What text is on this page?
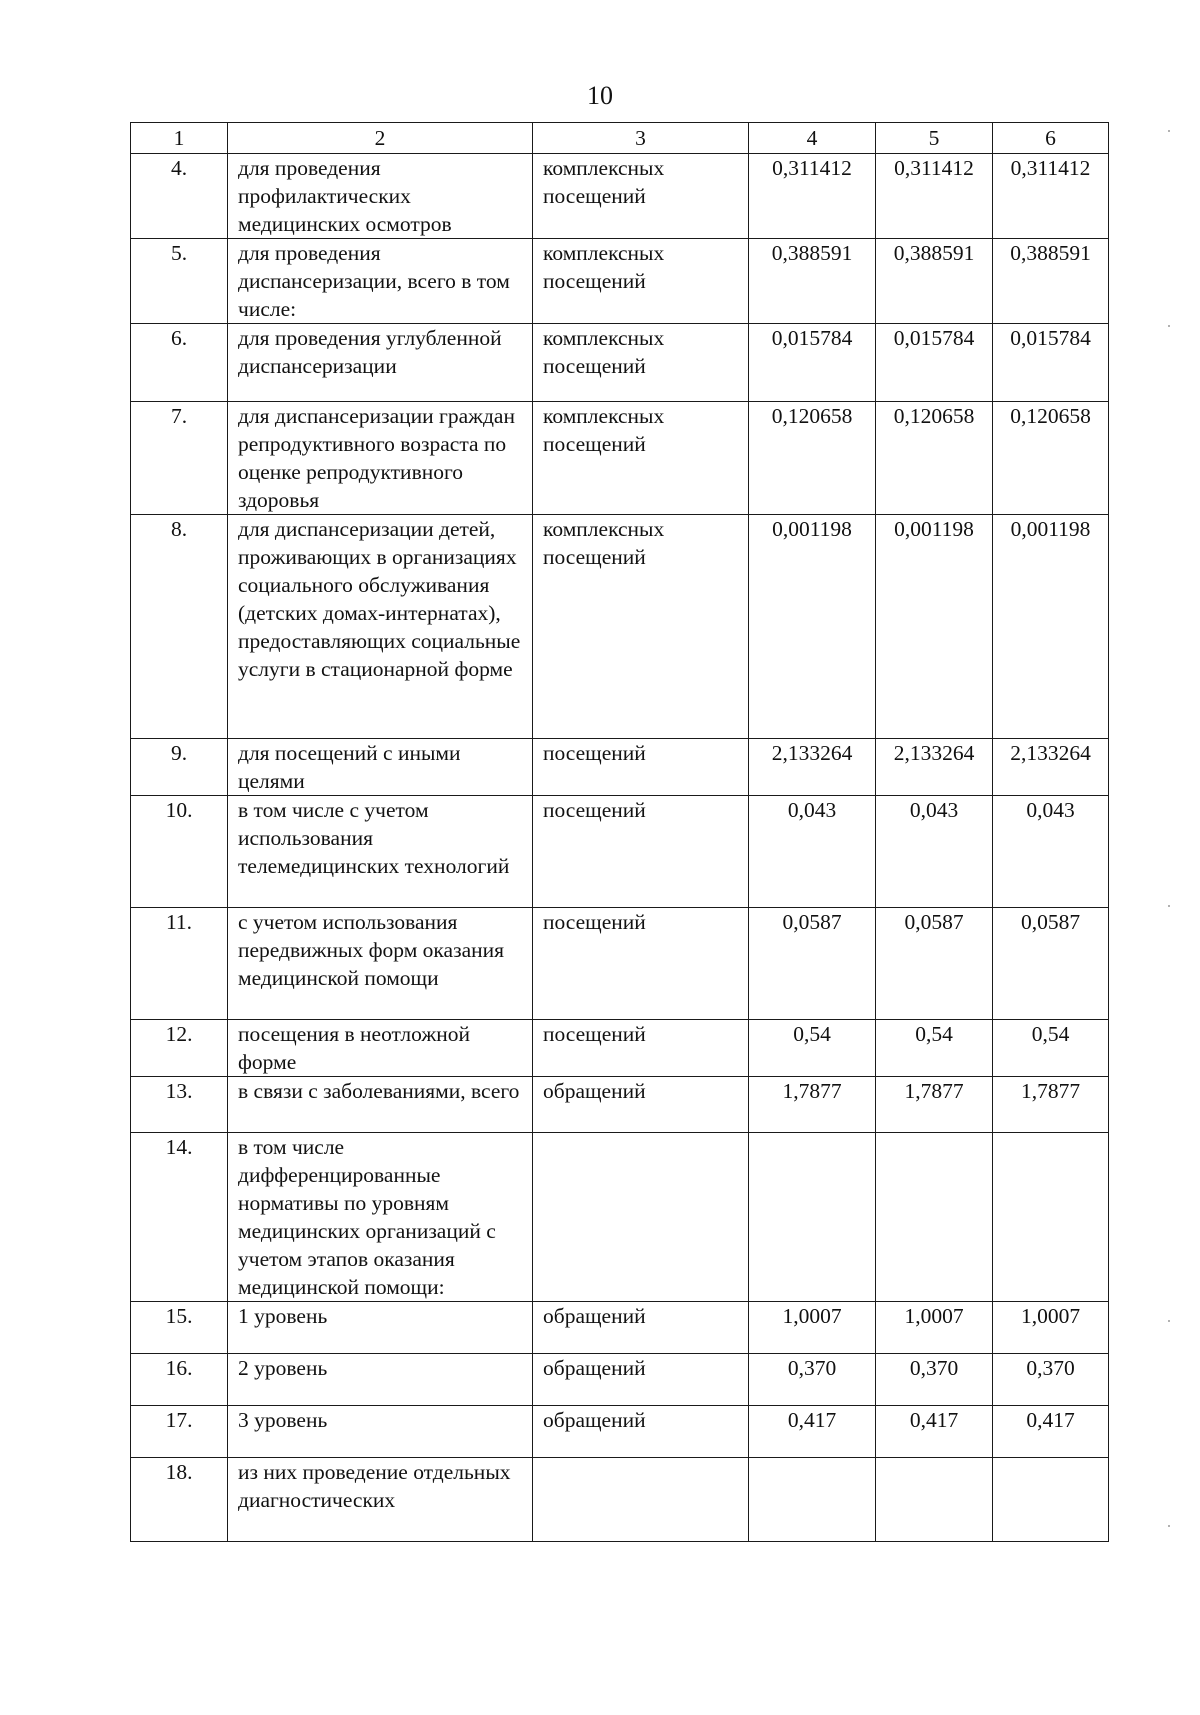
10
1	2	3	4	5	6
4.	для проведения профилактических медицинских осмотров	комплексных посещений	0,311412	0,311412	0,311412
5.	для проведения диспансеризации, всего в том числе:	комплексных посещений	0,388591	0,388591	0,388591
6.	для проведения углубленной диспансеризации	комплексных посещений	0,015784	0,015784	0,015784
7.	для диспансеризации граждан репродуктивного возраста по оценке репродуктивного здоровья	комплексных посещений	0,120658	0,120658	0,120658
8.	для диспансеризации детей, проживающих в организациях социального обслуживания (детских домах-интернатах), предоставляющих социальные услуги в стационарной форме	комплексных посещений	0,001198	0,001198	0,001198
9.	для посещений с иными целями	посещений	2,133264	2,133264	2,133264
10.	в том числе с учетом использования телемедицинских технологий	посещений	0,043	0,043	0,043
11.	с учетом использования передвижных форм оказания медицинской помощи	посещений	0,0587	0,0587	0,0587
12.	посещения в неотложной форме	посещений	0,54	0,54	0,54
13.	в связи с заболеваниями, всего	обращений	1,7877	1,7877	1,7877
14.	в том числе дифференцированные нормативы по уровням медицинских организаций с учетом этапов оказания медицинской помощи:				
15.	1 уровень	обращений	1,0007	1,0007	1,0007
16.	2 уровень	обращений	0,370	0,370	0,370
17.	3 уровень	обращений	0,417	0,417	0,417
18.	из них проведение отдельных диагностических				
